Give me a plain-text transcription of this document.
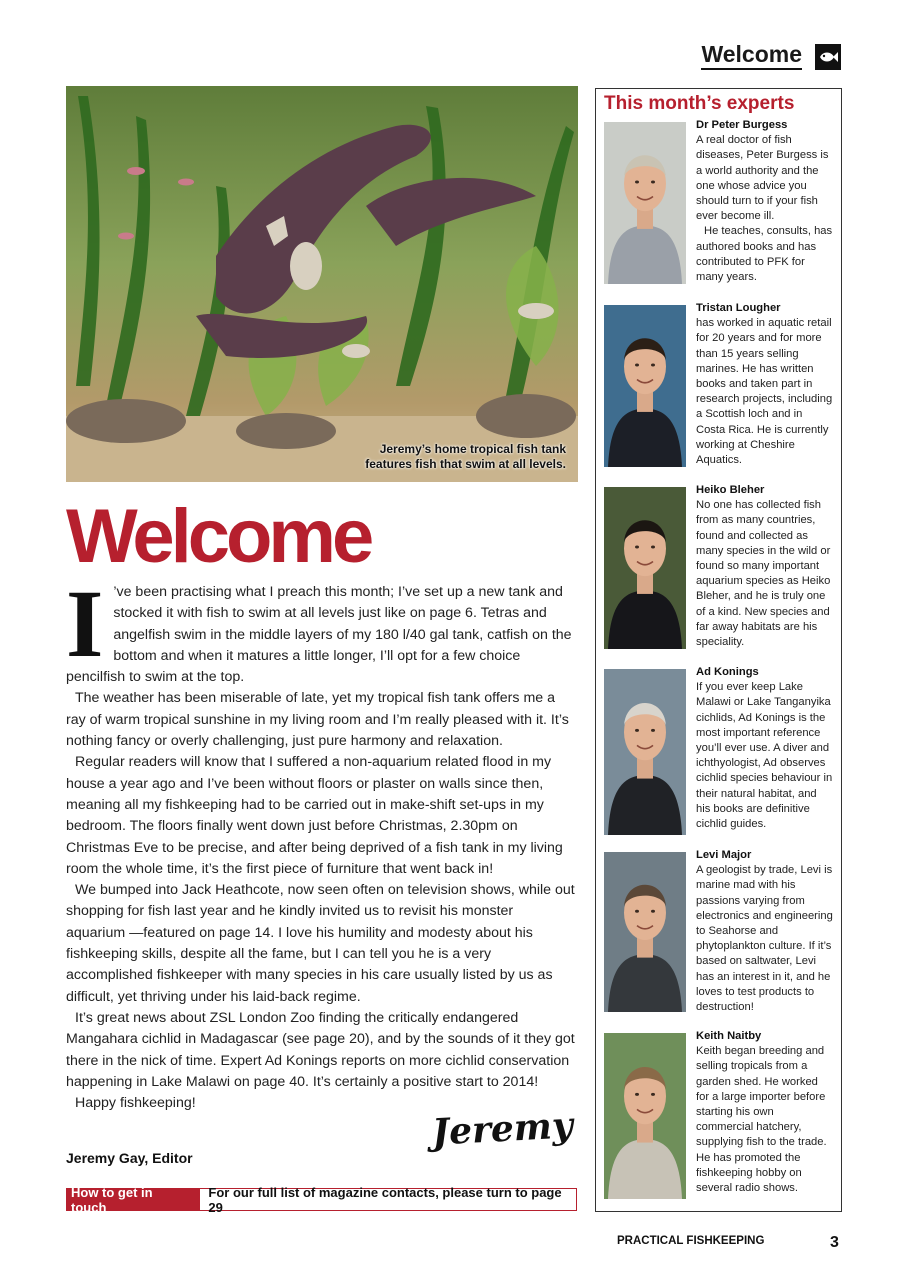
Welcome
Jeremy’s home tropical fish tank
features fish that swim at all levels.
Welcome

I ’ve been practising what I preach this month; I’ve set up a new tank and stocked it with fish to swim at all levels just like on page 6. Tetras and angelfish swim in the middle layers of my 180 l/40 gal tank, catfish on the bottom and when it matures a little longer, I’ll opt for a few choice pencilfish to swim at the top.

The weather has been miserable of late, yet my tropical fish tank offers me a ray of warm tropical sunshine in my living room and I’m really pleased with it. It’s nothing fancy or overly challenging, just pure harmony and relaxation.

Regular readers will know that I suffered a non-aquarium related flood in my house a year ago and I’ve been without floors or plaster on walls since then, meaning all my fishkeeping had to be carried out in make-shift set-ups in my bedroom. The floors finally went down just before Christmas, 2.30pm on Christmas Eve to be precise, and after being deprived of a fish tank in my living room the whole time, it’s the first piece of furniture that went back in!

We bumped into Jack Heathcote, now seen often on television shows, while out shopping for fish last year and he kindly invited us to revisit his monster aquarium —featured on page 14. I love his humility and modesty about his fishkeeping skills, despite all the fame, but I can tell you he is a very accomplished fishkeeper with many species in his care usually listed by us as difficult, yet thriving under his laid-back regime.

It’s great news about ZSL London Zoo finding the critically endangered Mangahara cichlid in Madagascar (see page 20), and by the sounds of it they got there in the nick of time. Expert Ad Konings reports on more cichlid conservation happening in Lake Malawi on page 40. It’s certainly a positive start to 2014!

Happy fishkeeping!

Jeremy Gay, Editor
Jeremy
How to get in touch
For our full list of magazine contacts, please turn to page 29
This month’s experts
Dr Peter Burgess
A real doctor of fish diseases, Peter Burgess is a world authority and the one whose advice you should turn to if your fish ever become ill.
He teaches, consults, has authored books and has contributed to PFK for many years.
Tristan Lougher
has worked in aquatic retail for 20 years and for more than 15 years selling marines. He has written books and taken part in research projects, including a Scottish loch and in Costa Rica. He is currently working at Cheshire Aquatics.
Heiko Bleher
No one has collected fish from as many countries, found and collected as many species in the wild or found so many important aquarium species as Heiko Bleher, and he is truly one of a kind. New species and far away habitats are his speciality.
Ad Konings
If you ever keep Lake Malawi or Lake Tanganyika cichlids, Ad Konings is the most important reference you’ll ever use. A diver and ichthyologist, Ad observes cichlid species behaviour in their natural habitat, and his books are definitive cichlid guides.
Levi Major
A geologist by trade, Levi is marine mad with his passions varying from electronics and engineering to Seahorse and phytoplankton culture. If it’s based on saltwater, Levi has an interest in it, and he loves to test products to destruction!
Keith Naitby
Keith began breeding and selling tropicals from a garden shed. He worked for a large importer before starting his own commercial hatchery, supplying fish to the trade. He has promoted the fishkeeping hobby on several radio shows.
PRACTICAL FISHKEEPING	3
